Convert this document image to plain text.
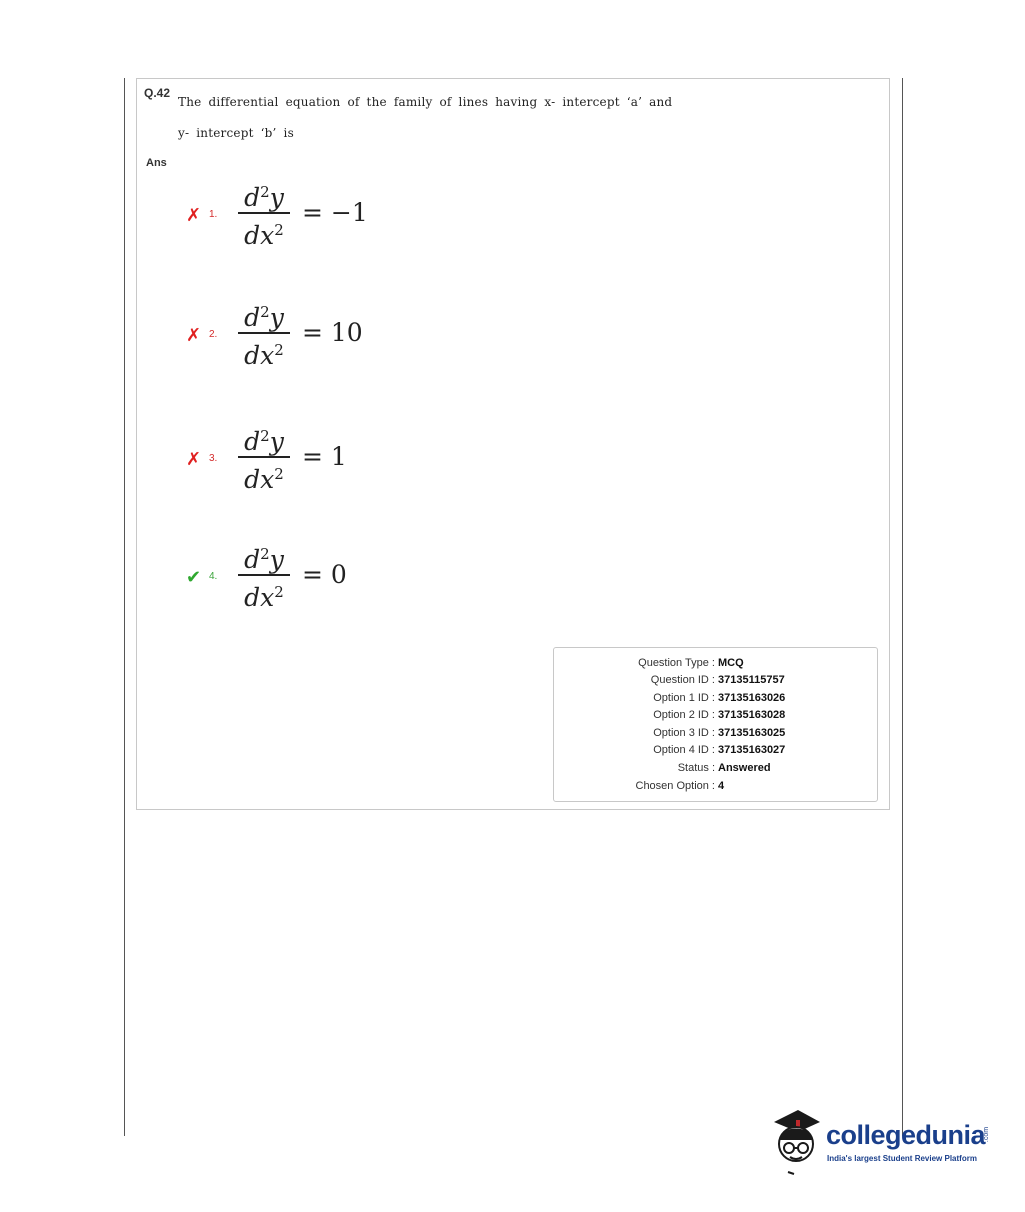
Q.42
The differential equation of the family of lines having x- intercept ‘a’ and
y- intercept ‘b’ is
Ans
✗ 1.
$d^2y$
$dx^2$
= −1
✗ 2.
$d^2y$
$dx^2$
= 10
✗ 3.
$d^2y$
$dx^2$
= 1
✔ 4.
$d^2y$
$dx^2$
= 0
Question Type : MCQ
Question ID : 37135115757
Option 1 ID : 37135163026
Option 2 ID : 37135163028
Option 3 ID : 37135163025
Option 4 ID : 37135163027
Status : Answered
Chosen Option : 4
collegedunia
.com
India's largest Student Review Platform
